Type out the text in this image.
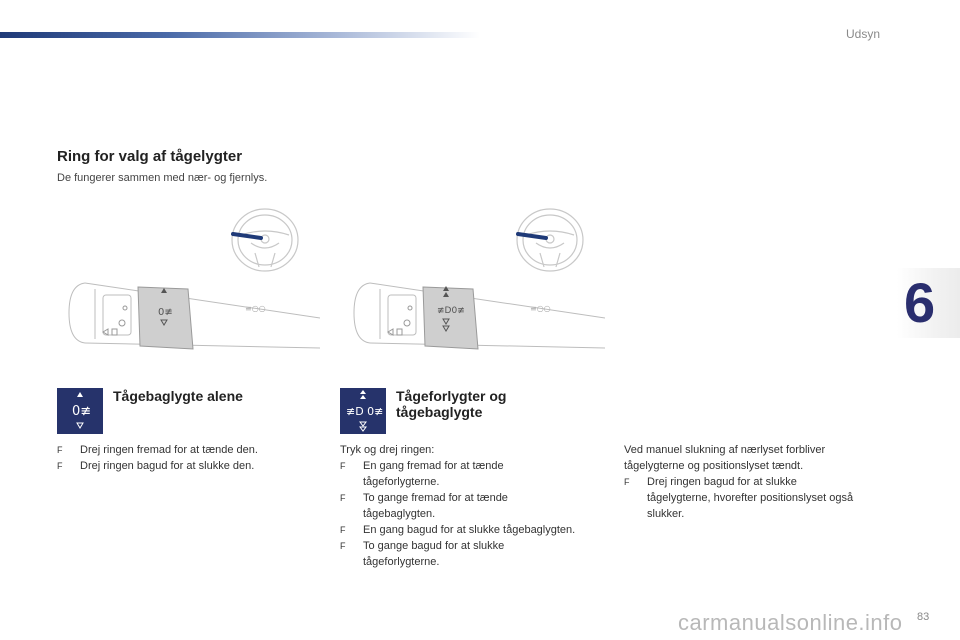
Udsyn
6
Ring for valg af tågelygter
De fungerer sammen med nær- og fjernlys.
0≢	≡○○	≢D0≢	≡○○
0≢
Tågebaglygte alene
F	Drej ringen fremad for at tænde den.
F	Drej ringen bagud for at slukke den.
≢D 0≢
Tågeforlygter og
tågebaglygte
Tryk og drej ringen:
F	En gang fremad for at tænde
tågeforlygterne.
F	To gange fremad for at tænde
tågebaglygten.
F	En gang bagud for at slukke tågebaglygten.
F	To gange bagud for at slukke
tågeforlygterne.
Ved manuel slukning af nærlyset forbliver
tågelygterne og positionslyset tændt.
F	Drej ringen bagud for at slukke
tågelygterne, hvorefter positionslyset også
slukker.
carmanualsonline.info 83
